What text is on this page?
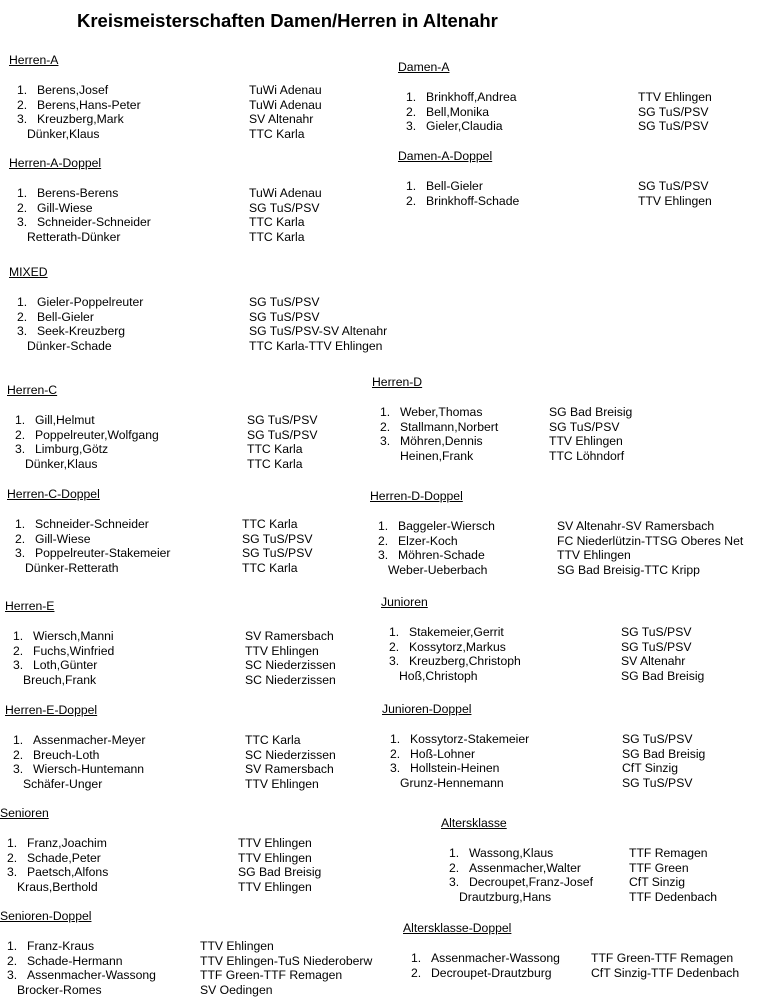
Kreismeisterschaften Damen/Herren in Altenahr
Herren-A
1. Berens,Josef	TuWi Adenau
2. Berens,Hans-Peter	TuWi Adenau
3. Kreuzberg,Mark	SV Altenahr
Dünker,Klaus	TTC Karla
Herren-A-Doppel
1. Berens-Berens	TuWi Adenau
2. Gill-Wiese	SG TuS/PSV
3. Schneider-Schneider	TTC Karla
Retterath-Dünker	TTC Karla
MIXED
1. Gieler-Poppelreuter	SG TuS/PSV
2. Bell-Gieler	SG TuS/PSV
3. Seek-Kreuzberg	SG TuS/PSV-SV Altenahr
Dünker-Schade	TTC Karla-TTV Ehlingen
Herren-C
1. Gill,Helmut	SG TuS/PSV
2. Poppelreuter,Wolfgang	SG TuS/PSV
3. Limburg,Götz	TTC Karla
Dünker,Klaus	TTC Karla
Herren-C-Doppel
1. Schneider-Schneider	TTC Karla
2. Gill-Wiese	SG TuS/PSV
3. Poppelreuter-Stakemeier	SG TuS/PSV
Dünker-Retterath	TTC Karla
Herren-E
1. Wiersch,Manni	SV Ramersbach
2. Fuchs,Winfried	TTV Ehlingen
3. Loth,Günter	SC Niederzissen
Breuch,Frank	SC Niederzissen
Herren-E-Doppel
1. Assenmacher-Meyer	TTC Karla
2. Breuch-Loth	SC Niederzissen
3. Wiersch-Huntemann	SV Ramersbach
Schäfer-Unger	TTV Ehlingen
Senioren
1. Franz,Joachim	TTV Ehlingen
2. Schade,Peter	TTV Ehlingen
3. Paetsch,Alfons	SG Bad Breisig
Kraus,Berthold	TTV Ehlingen
Senioren-Doppel
1. Franz-Kraus	TTV Ehlingen
2. Schade-Hermann	TTV Ehlingen-TuS Niederoberw
3. Assenmacher-Wassong	TTF Green-TTF Remagen
Brocker-Romes	SV Oedingen
Damen-A
1. Brinkhoff,Andrea	TTV Ehlingen
2. Bell,Monika	SG TuS/PSV
3. Gieler,Claudia	SG TuS/PSV
Damen-A-Doppel
1. Bell-Gieler	SG TuS/PSV
2. Brinkhoff-Schade	TTV Ehlingen
Herren-D
1. Weber,Thomas	SG Bad Breisig
2. Stallmann,Norbert	SG TuS/PSV
3. Möhren,Dennis	TTV Ehlingen
Heinen,Frank	TTC Löhndorf
Herren-D-Doppel
1. Baggeler-Wiersch	SV Altenahr-SV Ramersbach
2. Elzer-Koch	FC Niederlützin-TTSG Oberes Net
3. Möhren-Schade	TTV Ehlingen
Weber-Ueberbach	SG Bad Breisig-TTC Kripp
Junioren
1. Stakemeier,Gerrit	SG TuS/PSV
2. Kossytorz,Markus	SG TuS/PSV
3. Kreuzberg,Christoph	SV Altenahr
Hoß,Christoph	SG Bad Breisig
Junioren-Doppel
1. Kossytorz-Stakemeier	SG TuS/PSV
2. Hoß-Lohner	SG Bad Breisig
3. Hollstein-Heinen	CfT Sinzig
Grunz-Hennemann	SG TuS/PSV
Altersklasse
1. Wassong,Klaus	TTF Remagen
2. Assenmacher,Walter	TTF Green
3. Decroupet,Franz-Josef	CfT Sinzig
Drautzburg,Hans	TTF Dedenbach
Altersklasse-Doppel
1. Assenmacher-Wassong	TTF Green-TTF Remagen
2. Decroupet-Drautzburg	CfT Sinzig-TTF Dedenbach
